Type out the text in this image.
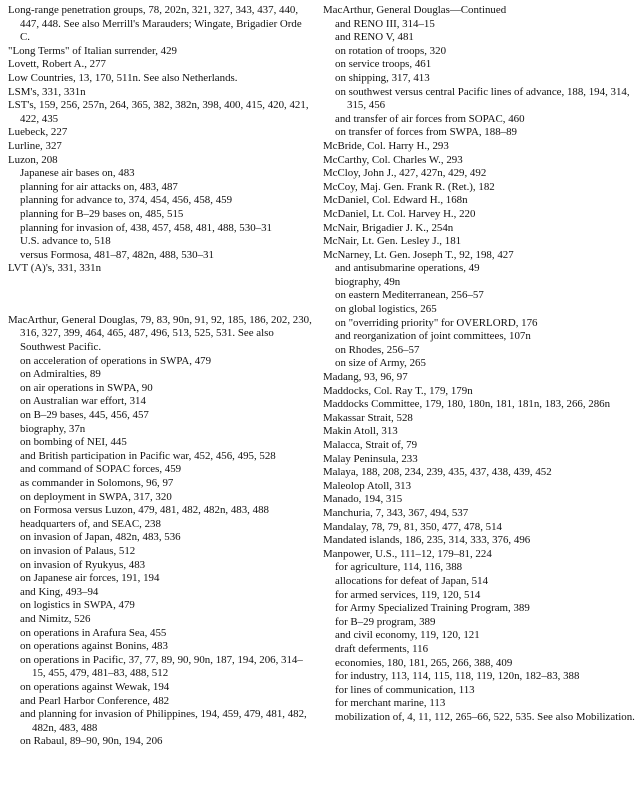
Long-range penetration groups, 78, 202n, 321, 327, 343, 437, 440, 447, 448. See also Merrill's Marauders; Wingate, Brigadier Orde C.
"Long Terms" of Italian surrender, 429
Lovett, Robert A., 277
Low Countries, 13, 170, 511n. See also Netherlands.
LSM's, 331, 331n
LST's, 159, 256, 257n, 264, 365, 382, 382n, 398, 400, 415, 420, 421, 422, 435
Luebeck, 227
Lurline, 327
Luzon, 208
Japanese air bases on, 483
planning for air attacks on, 483, 487
planning for advance to, 374, 454, 456, 458, 459
planning for B–29 bases on, 485, 515
planning for invasion of, 438, 457, 458, 481, 488, 530–31
U.S. advance to, 518
versus Formosa, 481–87, 482n, 488, 530–31
LVT (A)'s, 331, 331n
MacArthur, General Douglas, 79, 83, 90n, 91, 92, 185, 186, 202, 230, 316, 327, 399, 464, 465, 487, 496, 513, 525, 531. See also Southwest Pacific.
on acceleration of operations in SWPA, 479
on Admiralties, 89
on air operations in SWPA, 90
on Australian war effort, 314
on B–29 bases, 445, 456, 457
biography, 37n
on bombing of NEI, 445
and British participation in Pacific war, 452, 456, 495, 528
and command of SOPAC forces, 459
as commander in Solomons, 96, 97
on deployment in SWPA, 317, 320
on Formosa versus Luzon, 479, 481, 482, 482n, 483, 488
headquarters of, and SEAC, 238
on invasion of Japan, 482n, 483, 536
on invasion of Palaus, 512
on invasion of Ryukyus, 483
on Japanese air forces, 191, 194
and King, 493–94
on logistics in SWPA, 479
and Nimitz, 526
on operations in Arafura Sea, 455
on operations against Bonins, 483
on operations in Pacific, 37, 77, 89, 90, 90n, 187, 194, 206, 314–15, 455, 479, 481–83, 488, 512
on operations against Wewak, 194
and Pearl Harbor Conference, 482
and planning for invasion of Philippines, 194, 459, 479, 481, 482, 482n, 483, 488
on Rabaul, 89–90, 90n, 194, 206
MacArthur, General Douglas—Continued
and RENO III, 314–15
and RENO V, 481
on rotation of troops, 320
on service troops, 461
on shipping, 317, 413
on southwest versus central Pacific lines of advance, 188, 194, 314, 315, 456
and transfer of air forces from SOPAC, 460
on transfer of forces from SWPA, 188–89
McBride, Col. Harry H., 293
McCarthy, Col. Charles W., 293
McCloy, John J., 427, 427n, 429, 492
McCoy, Maj. Gen. Frank R. (Ret.), 182
McDaniel, Col. Edward H., 168n
McDaniel, Lt. Col. Harvey H., 220
McNair, Brigadier J. K., 254n
McNair, Lt. Gen. Lesley J., 181
McNarney, Lt. Gen. Joseph T., 92, 198, 427
and antisubmarine operations, 49
biography, 49n
on eastern Mediterranean, 256–57
on global logistics, 265
on "overriding priority" for OVERLORD, 176
and reorganization of joint committees, 107n
on Rhodes, 256–57
on size of Army, 265
Madang, 93, 96, 97
Maddocks, Col. Ray T., 179, 179n
Maddocks Committee, 179, 180, 180n, 181, 181n, 183, 266, 286n
Makassar Strait, 528
Makin Atoll, 313
Malacca, Strait of, 79
Malay Peninsula, 233
Malaya, 188, 208, 234, 239, 435, 437, 438, 439, 452
Maleolop Atoll, 313
Manado, 194, 315
Manchuria, 7, 343, 367, 494, 537
Mandalay, 78, 79, 81, 350, 477, 478, 514
Mandated islands, 186, 235, 314, 333, 376, 496
Manpower, U.S., 111–12, 179–81, 224
for agriculture, 114, 116, 388
allocations for defeat of Japan, 514
for armed services, 119, 120, 514
for Army Specialized Training Program, 389
for B–29 program, 389
and civil economy, 119, 120, 121
draft deferments, 116
economies, 180, 181, 265, 266, 388, 409
for industry, 113, 114, 115, 118, 119, 120n, 182–83, 388
for lines of communication, 113
for merchant marine, 113
mobilization of, 4, 11, 112, 265–66, 522, 535. See also Mobilization.
